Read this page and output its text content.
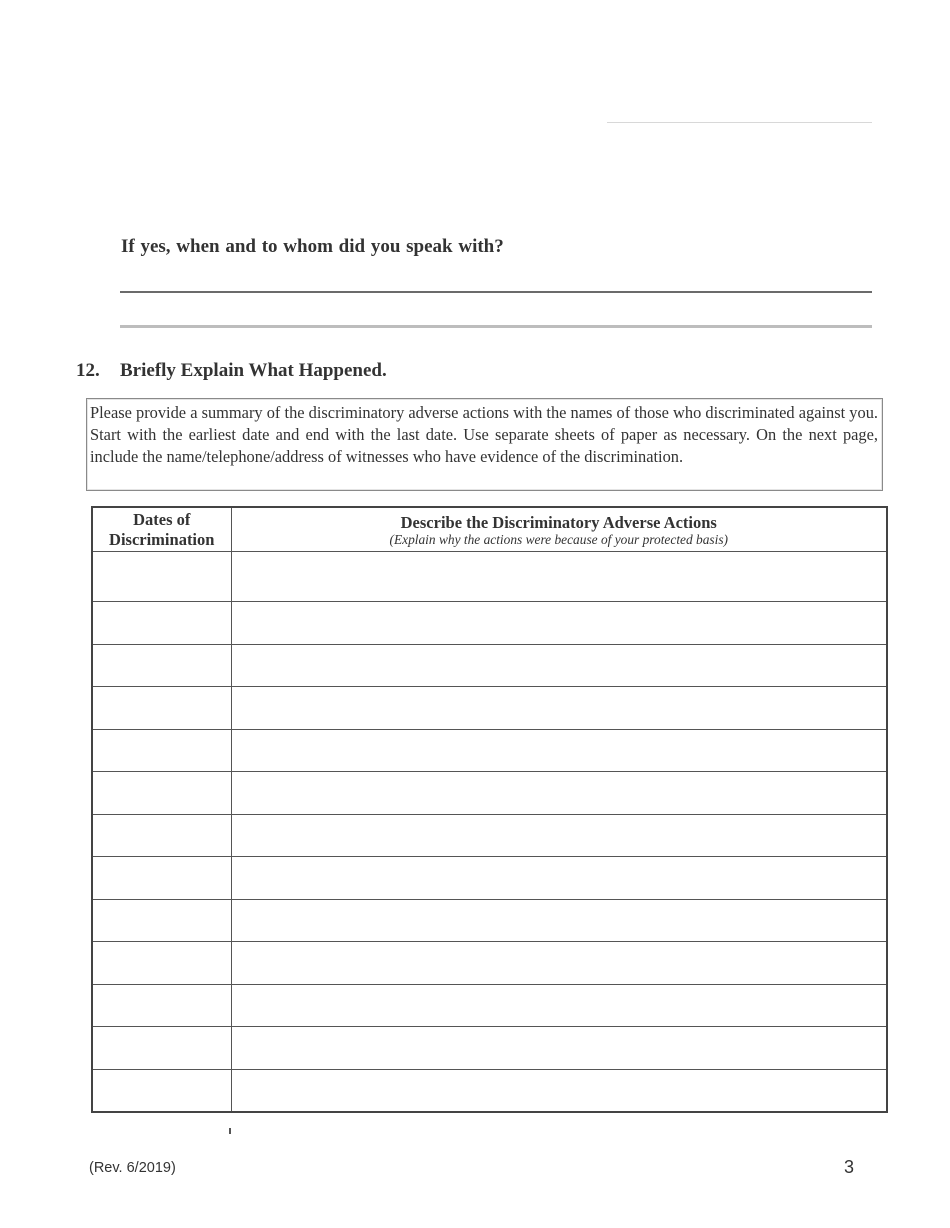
If yes, when and to whom did you speak with?
12. Briefly Explain What Happened.

Please provide a summary of the discriminatory adverse actions with the names of those who discriminated against you. Start with the earliest date and end with the last date. Use separate sheets of paper as necessary. On the next page, include the name/telephone/address of witnesses who have evidence of the discrimination.

Dates of
Discrimination	Describe the Discriminatory Adverse Actions
(Explain why the actions were because of your protected basis)

(Rev. 6/2019)	3
